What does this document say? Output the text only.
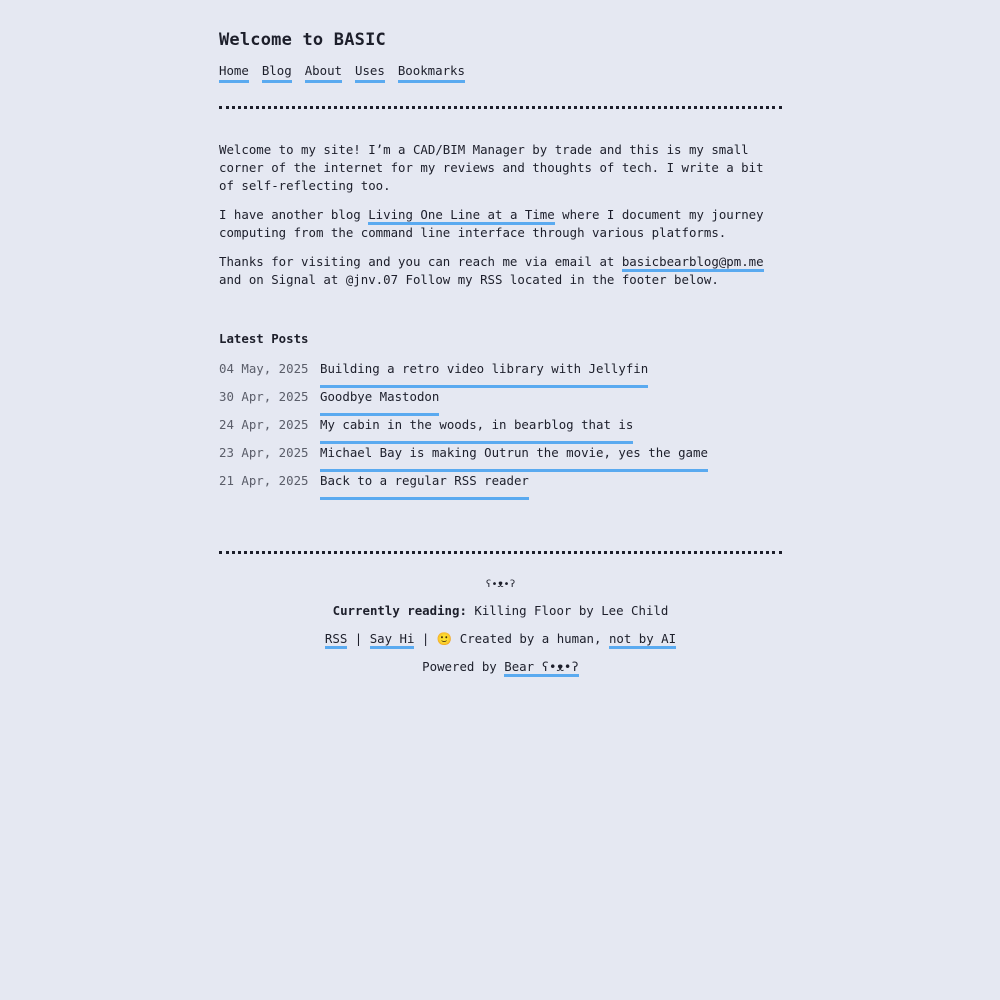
Welcome to BASIC
Home Blog About Uses Bookmarks

Welcome to my site! I’m a CAD/BIM Manager by trade and this is my small corner of the internet for my reviews and thoughts of tech. I write a bit of self-reflecting too.

I have another blog Living One Line at a Time where I document my journey computing from the command line interface through various platforms.

Thanks for visiting and you can reach me via email at basicbearblog@pm.me and on Signal at @jnv.07 Follow my RSS located in the footer below.

Latest Posts
04 May, 2025 Building a retro video library with Jellyfin
30 Apr, 2025 Goodbye Mastodon
24 Apr, 2025 My cabin in the woods, in bearblog that is
23 Apr, 2025 Michael Bay is making Outrun the movie, yes the game
21 Apr, 2025 Back to a regular RSS reader
ʕ•ᴥ•ʔ
Currently reading: Killing Floor by Lee Child
RSS | Say Hi | 🙂 Created by a human, not by AI
Powered by Bear ʕ•ᴥ•ʔ
